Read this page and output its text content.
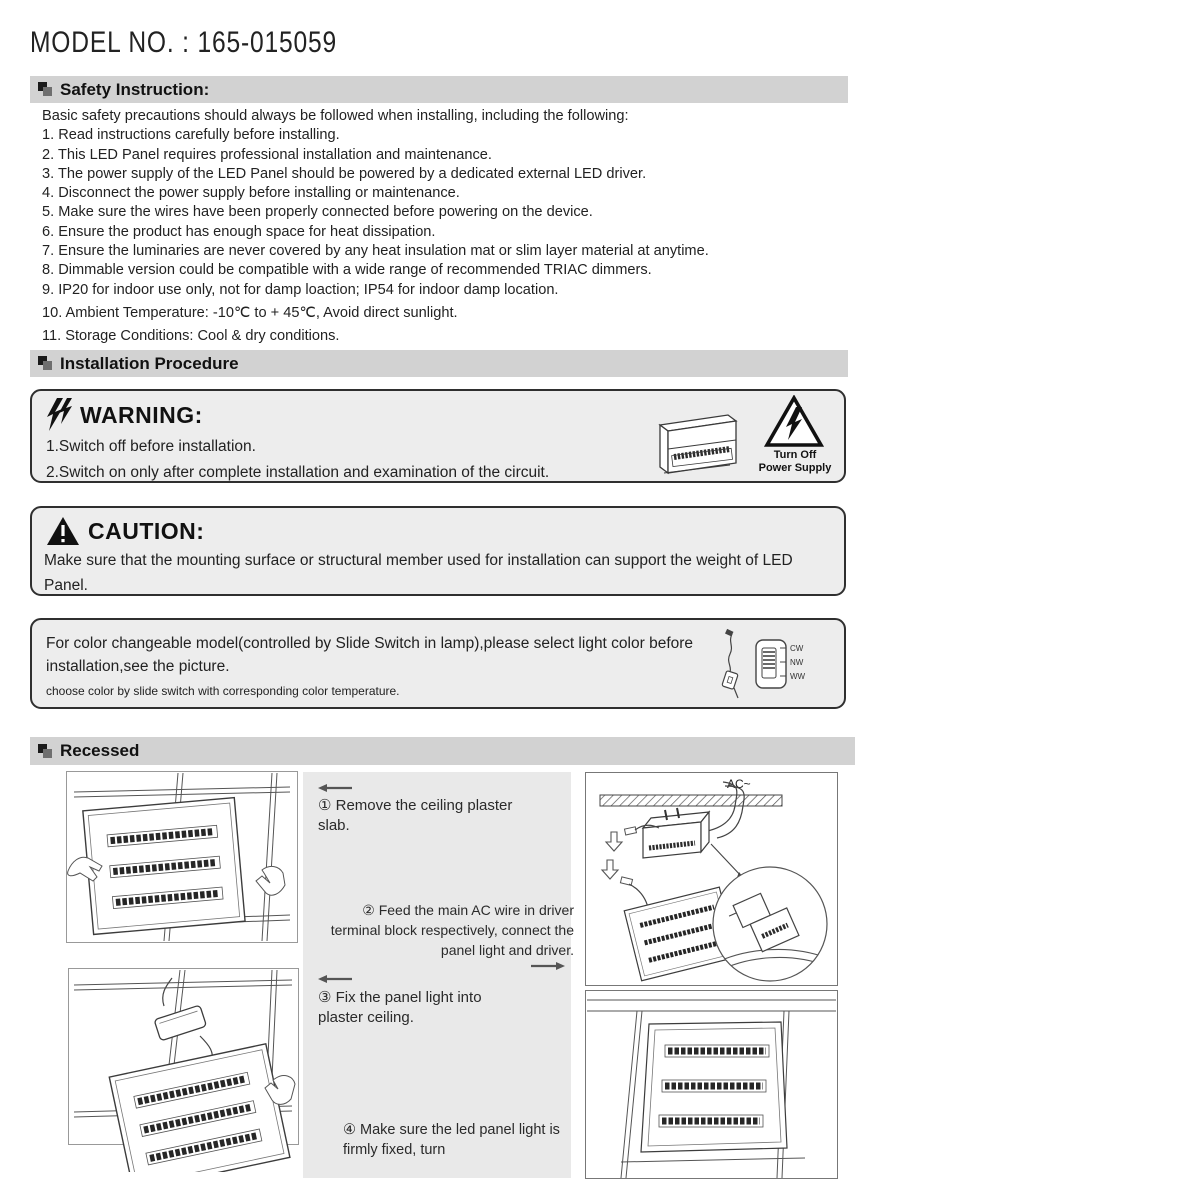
MODEL NO. : 165-015059
Safety Instruction:
Basic safety precautions should always be followed when installing, including the following:
1. Read instructions carefully before installing.
2. This LED Panel requires professional installation and maintenance.
3. The power supply of the LED Panel should be powered by a dedicated external LED driver.
4. Disconnect the power supply before installing or maintenance.
5. Make sure the wires have been properly connected before powering on the device.
6. Ensure the product has enough space for heat dissipation.
7. Ensure the luminaries are never covered by any heat insulation mat or slim layer material at anytime.
8. Dimmable version could be compatible with a wide range of recommended TRIAC dimmers.
9. IP20 for indoor use only, not for damp loaction; IP54 for indoor damp location.
10. Ambient Temperature: -10℃ to + 45℃, Avoid direct sunlight.
11. Storage Conditions: Cool & dry conditions.
Installation Procedure
WARNING:
1.Switch off before installation.
2.Switch on only after complete installation and examination of the circuit.
Turn Off
Power Supply
CAUTION:
Make sure that the mounting surface or structural member used for installation can support the weight of LED Panel.
For color changeable model(controlled by Slide Switch in lamp),please select light color before installation,see the picture.
choose color by slide switch with corresponding color temperature.
CW
NW
WW
Recessed
① Remove the ceiling plaster slab.
② Feed the main AC wire in driver terminal block respectively, connect the panel light and driver.
③ Fix the panel light into plaster ceiling.
④ Make sure the led panel light is firmly fixed, turn
AC~
